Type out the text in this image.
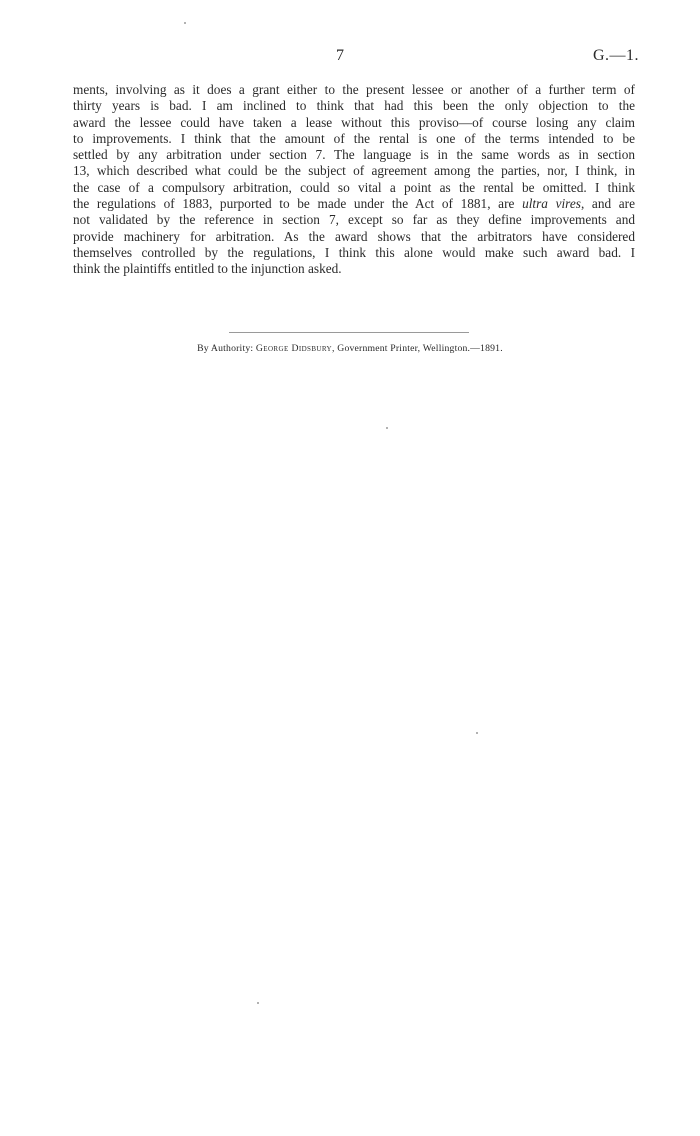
7	G.—1.
ments, involving as it does a grant either to the present lessee or another of a further term of
thirty years is bad. I am inclined to think that had this been the only objection to the
award the lessee could have taken a lease without this proviso—of course losing any claim
to improvements. I think that the amount of the rental is one of the terms intended to be
settled by any arbitration under section 7. The language is in the same words as in section
13, which described what could be the subject of agreement among the parties, nor, I think, in
the case of a compulsory arbitration, could so vital a point as the rental be omitted. I think
the regulations of 1883, purported to be made under the Act of 1881, are ultra vires, and are
not validated by the reference in section 7, except so far as they define improvements and
provide machinery for arbitration. As the award shows that the arbitrators have considered
themselves controlled by the regulations, I think this alone would make such award bad. I
think the plaintiffs entitled to the injunction asked.
By Authority: George Didsbury, Government Printer, Wellington.—1891.
